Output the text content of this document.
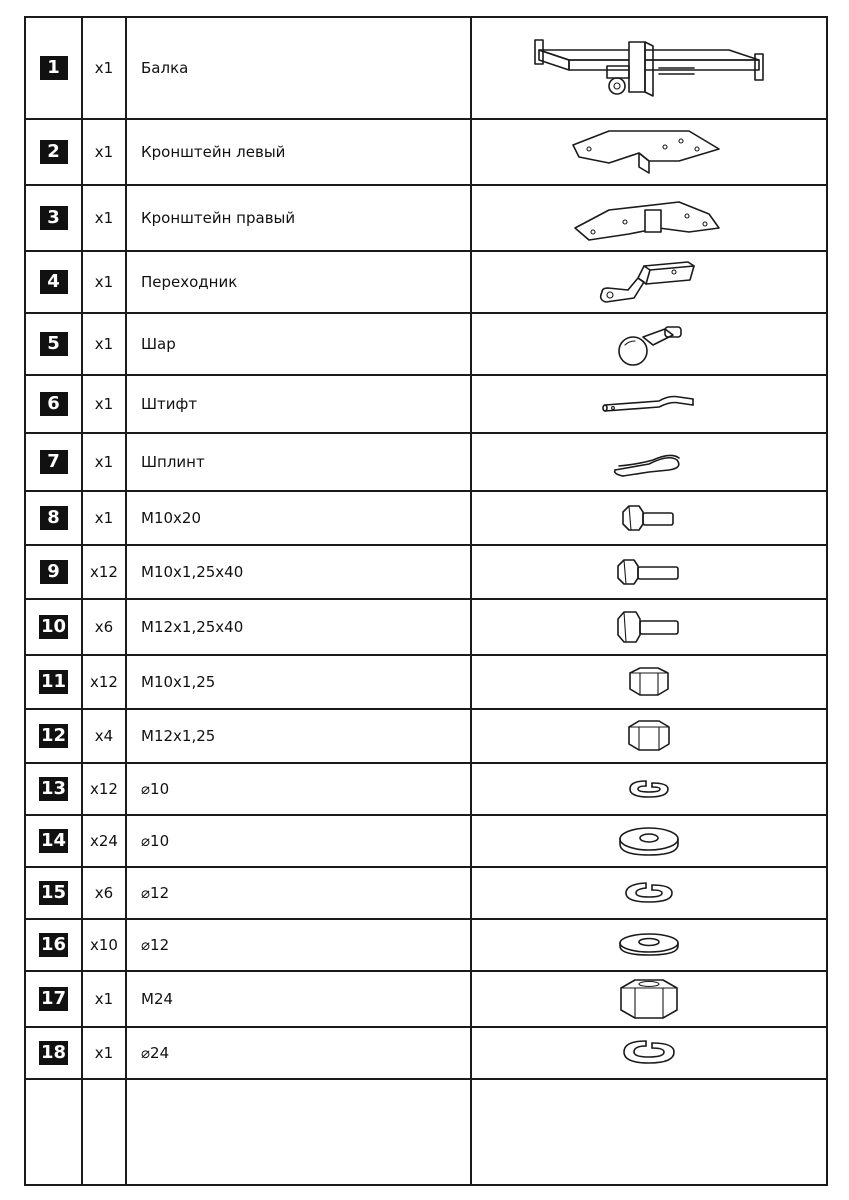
1	x1	Балка	

2	x1	Кронштейн левый	

3	x1	Кронштейн правый	

4	x1	Переходник	

5	x1	Шар	

6	x1	Штифт	

7	x1	Шплинт	

8	x1	M10x20	

9	x12	M10x1,25x40	

10	x6	M12x1,25x40	

11	x12	M10x1,25	

12	x4	M12x1,25	

13	x12	⌀10	

14	x24	⌀10	

15	x6	⌀12	

16	x10	⌀12	

17	x1	M24	

18	x1	⌀24	
